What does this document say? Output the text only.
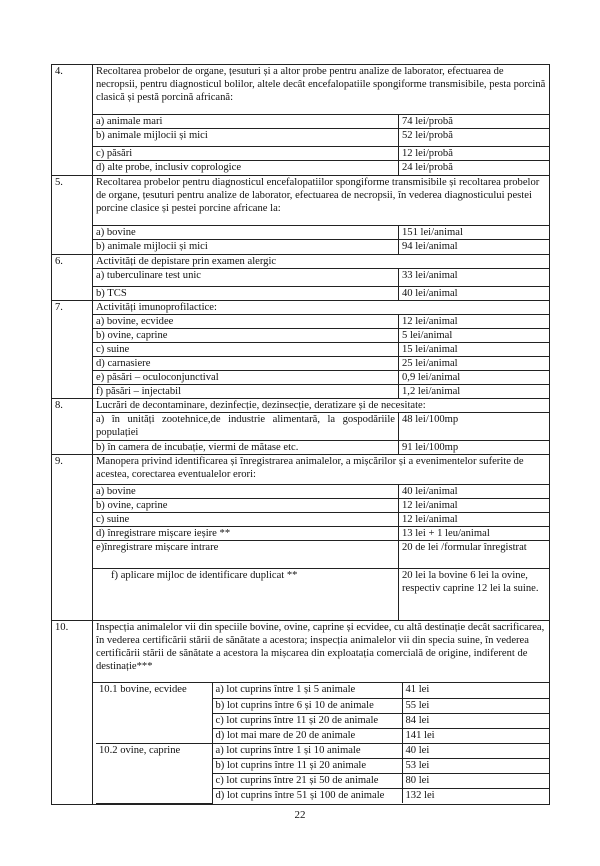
4.	Recoltarea probelor de organe, țesuturi și a altor probe pentru analize de laborator, efectuarea de necropsii, pentru diagnosticul bolilor, altele decât encefalopatiile spongiforme transmisibile, pesta porcină clasică și pestă porcină africană:
a) animale mari	74 lei/probă
b) animale mijlocii și mici	52 lei/probă
c) păsări	12 lei/probă
d) alte probe, inclusiv coprologice	24 lei/probă
5.	Recoltarea probelor pentru diagnosticul encefalopatiilor spongiforme transmisibile și recoltarea probelor de organe, țesuturi pentru analize de laborator, efectuarea de necropsii, în vederea diagnosticului pestei porcine clasice și pestei porcine africane la:
a) bovine	151 lei/animal
b) animale mijlocii și mici	94 lei/animal
6.	Activități de depistare prin examen alergic
a) tuberculinare test unic	33 lei/animal
b) TCS	40 lei/animal
7.	Activități imunoprofilactice:
a) bovine, ecvidee	12 lei/animal
b) ovine, caprine	5 lei/animal
c) suine	15 lei/animal
d) carnasiere	25 lei/animal
e) păsări – oculoconjunctival	0,9 lei/animal
f) păsări – injectabil	1,2 lei/animal
8.	Lucrări de decontaminare, dezinfecție, dezinsecție, deratizare și de necesitate:
a) în unități zootehnice,de industrie alimentară, la gospodăriile populației	48 lei/100mp
b) în camera de incubație, viermi de mătase etc.	91 lei/100mp
9.	Manopera privind identificarea și înregistrarea animalelor, a mișcărilor și a evenimentelor suferite de acestea, corectarea eventualelor erori:
a) bovine	40 lei/animal
b) ovine, caprine	12 lei/animal
c) suine	12 lei/animal
d) înregistrare mișcare ieșire **	13 lei + 1 leu/animal
e)înregistrare mișcare intrare	20 de lei /formular înregistrat
f) aplicare mijloc de identificare duplicat **	20 lei la bovine 6 lei la ovine, respectiv caprine 12 lei la suine.
10.	Inspecția animalelor vii din speciile bovine, ovine, caprine și ecvidee, cu altă destinație decât sacrificarea, în vederea certificării stării de sănătate a acestora; inspecția animalelor vii din specia suine, în vederea certificării stării de sănătate a acestora la mișcarea din exploatația comercială de origine, indiferent de destinație***

10.1 bovine, ecvidee	a) lot cuprins între 1 și 5 animale	41 lei
b) lot cuprins între 6 și 10 de animale	55 lei
c) lot cuprins între 11 și 20 de animale	84 lei
d) lot mai mare de 20 de animale	141 lei
10.2 ovine, caprine	a) lot cuprins între 1 și 10 animale	40 lei
b) lot cuprins între 11 și 20 animale	53 lei
c) lot cuprins între 21 și 50 de animale	80 lei
d) lot cuprins între 51 și 100 de animale	132 lei
22
